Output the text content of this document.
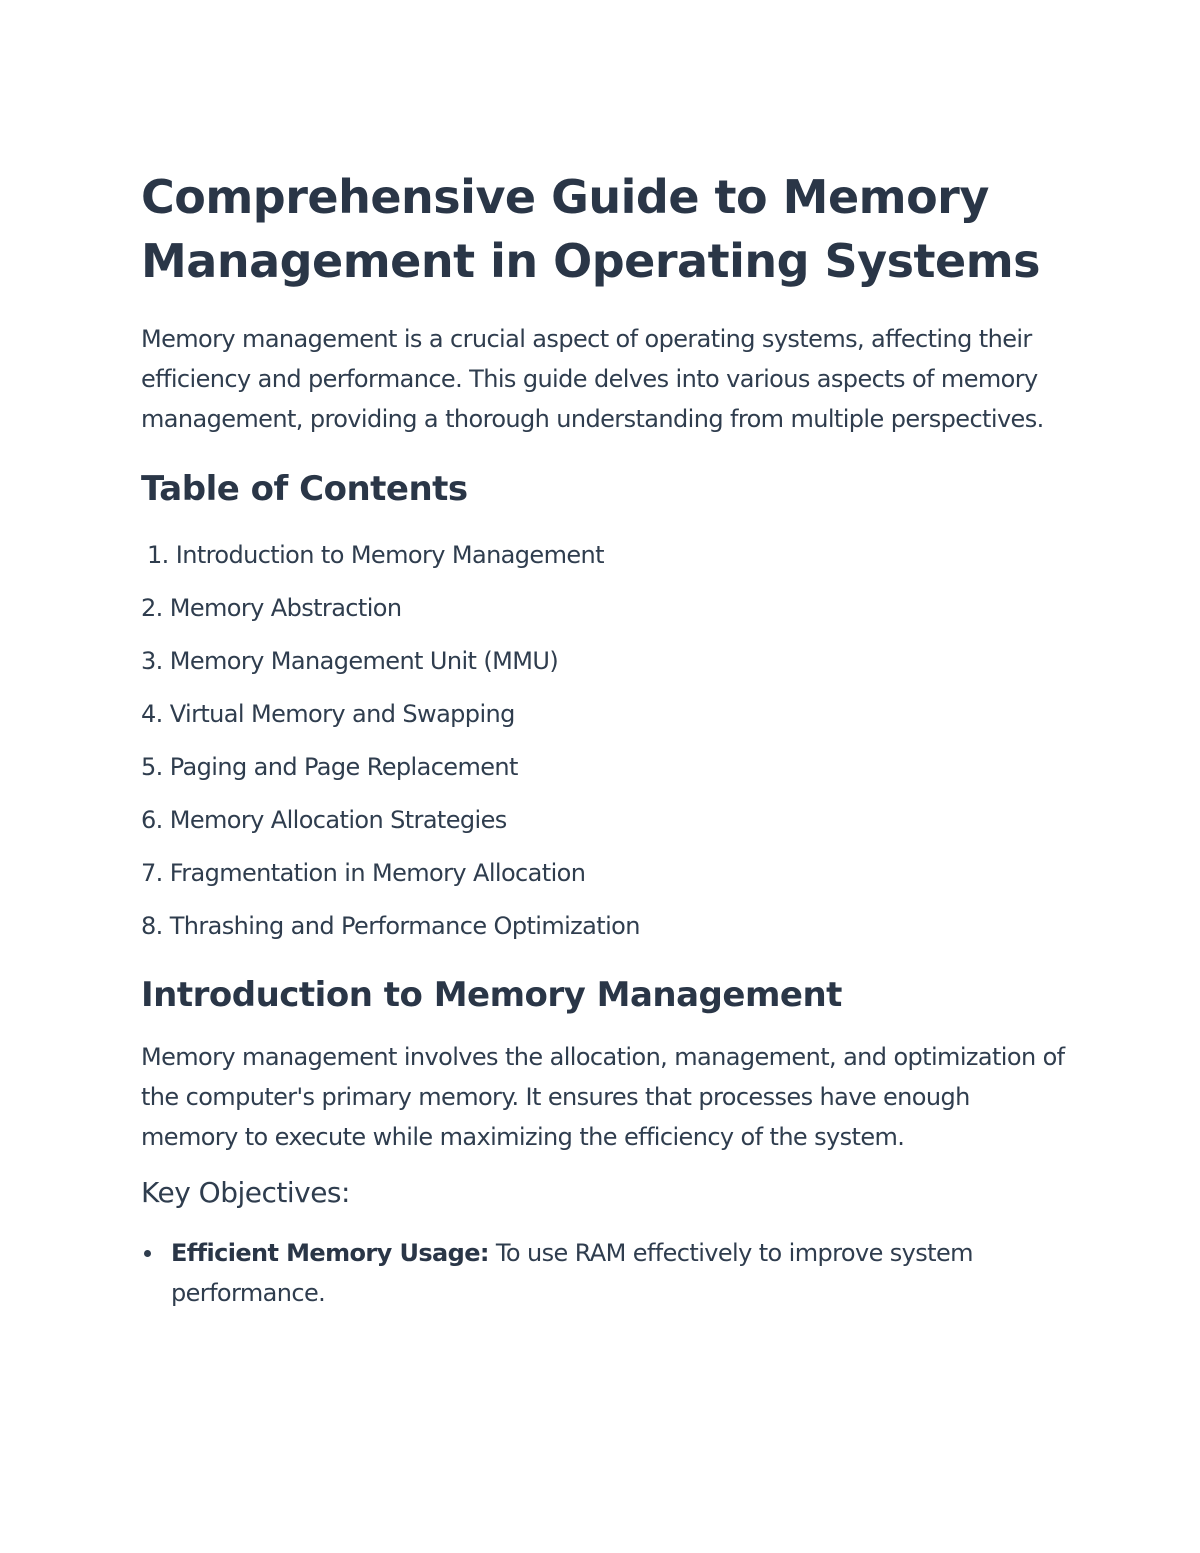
Comprehensive Guide to Memory Management in Operating Systems

Memory management is a crucial aspect of operating systems, affecting their efficiency and performance. This guide delves into various aspects of memory management, providing a thorough understanding from multiple perspectives.

Table of Contents
1. Introduction to Memory Management
2. Memory Abstraction
3. Memory Management Unit (MMU)
4. Virtual Memory and Swapping
5. Paging and Page Replacement
6. Memory Allocation Strategies
7. Fragmentation in Memory Allocation
8. Thrashing and Performance Optimization
Introduction to Memory Management

Memory management involves the allocation, management, and optimization of the computer's primary memory. It ensures that processes have enough memory to execute while maximizing the efficiency of the system.

Key Objectives:
Efficient Memory Usage: To use RAM effectively to improve system performance.
